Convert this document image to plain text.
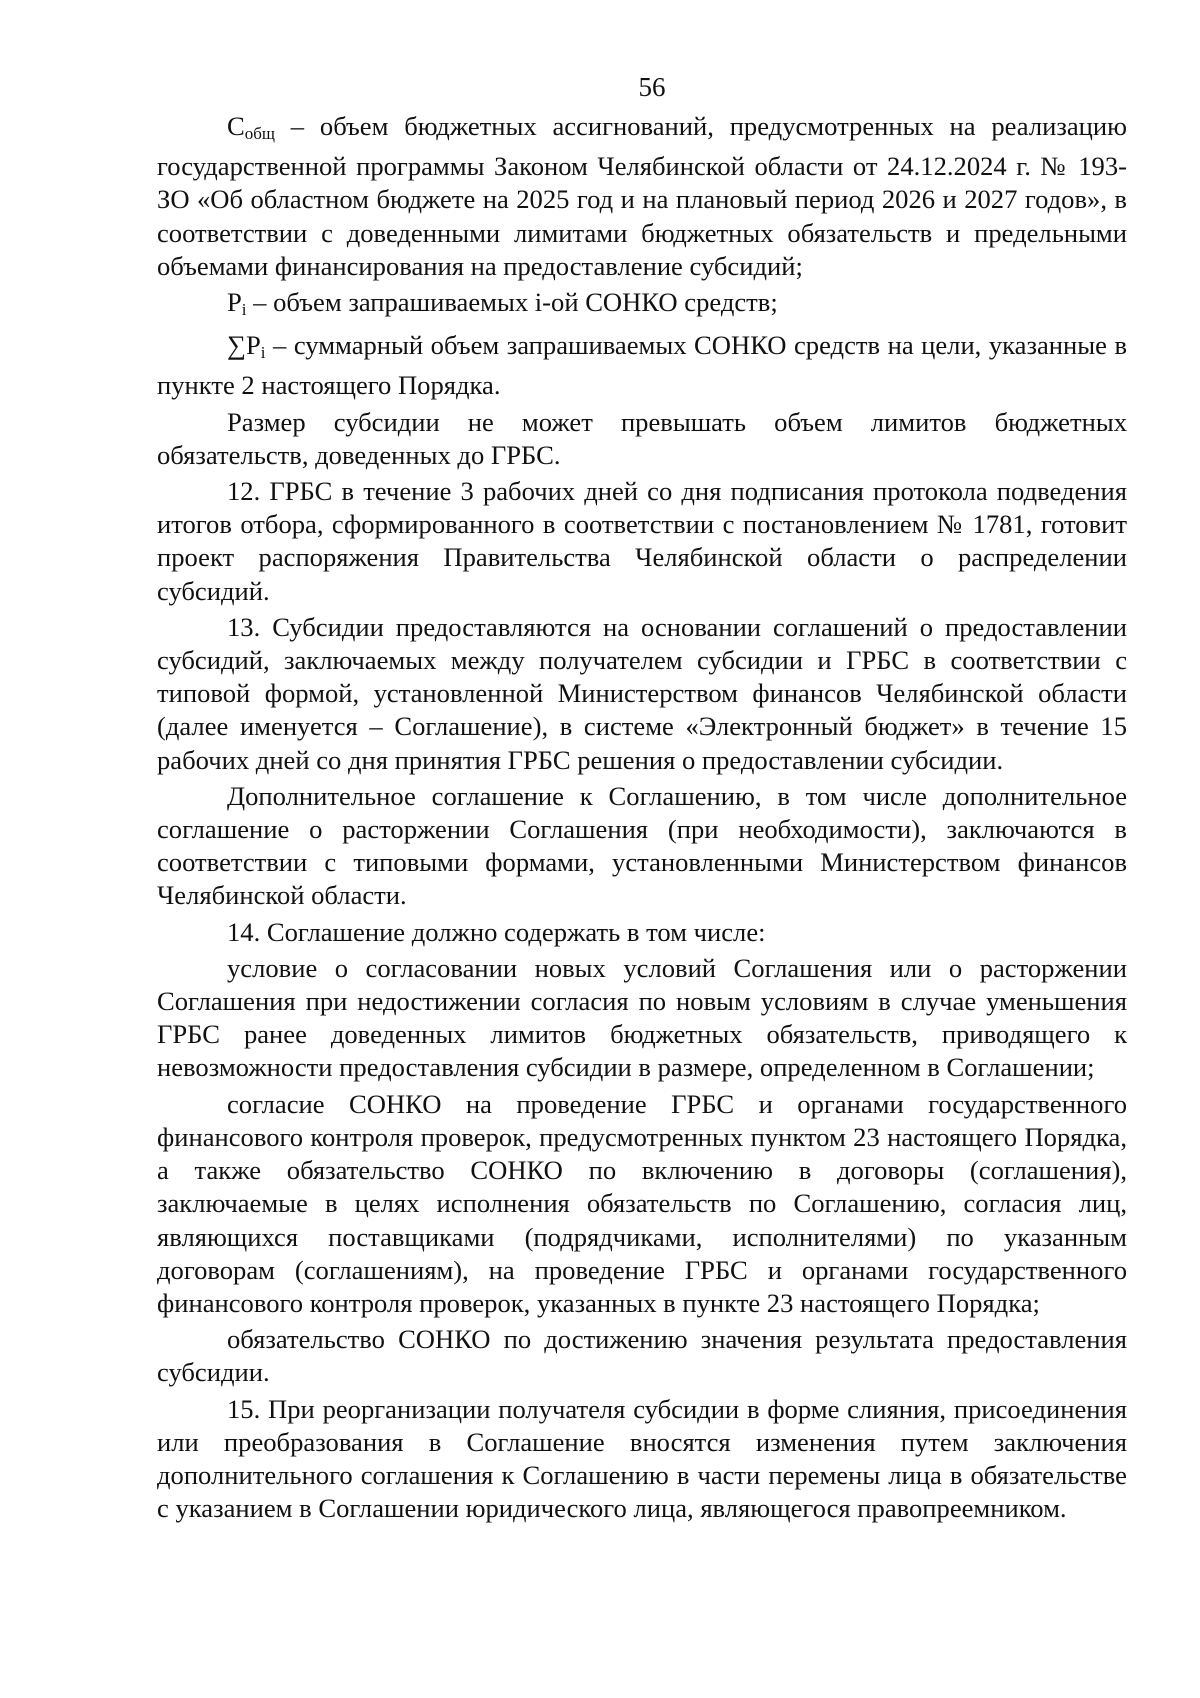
56

$С_{общ}$ – объем бюджетных ассигнований, предусмотренных на реализацию государственной программы Законом Челябинской области от 24.12.2024 г. № 193-ЗО «Об областном бюджете на 2025 год и на плановый период 2026 и 2027 годов», в соответствии с доведенными лимитами бюджетных обязательств и предельными объемами финансирования на предоставление субсидий;

$P_i$ – объем запрашиваемых i-ой СОНКО средств;

$\sum P_i$ – суммарный объем запрашиваемых СОНКО средств на цели, указанные в пункте 2 настоящего Порядка.

Размер субсидии не может превышать объем лимитов бюджетных обязательств, доведенных до ГРБС.

12. ГРБС в течение 3 рабочих дней со дня подписания протокола подведения итогов отбора, сформированного в соответствии с постановлением № 1781, готовит проект распоряжения Правительства Челябинской области о распределении субсидий.

13. Субсидии предоставляются на основании соглашений о предоставлении субсидий, заключаемых между получателем субсидии и ГРБС в соответствии с типовой формой, установленной Министерством финансов Челябинской области (далее именуется – Соглашение), в системе «Электронный бюджет» в течение 15 рабочих дней со дня принятия ГРБС решения о предоставлении субсидии.

Дополнительное соглашение к Соглашению, в том числе дополнительное соглашение о расторжении Соглашения (при необходимости), заключаются в соответствии с типовыми формами, установленными Министерством финансов Челябинской области.

14. Соглашение должно содержать в том числе:

условие о согласовании новых условий Соглашения или о расторжении Соглашения при недостижении согласия по новым условиям в случае уменьшения ГРБС ранее доведенных лимитов бюджетных обязательств, приводящего к невозможности предоставления субсидии в размере, определенном в Соглашении;

согласие СОНКО на проведение ГРБС и органами государственного финансового контроля проверок, предусмотренных пунктом 23 настоящего Порядка, а также обязательство СОНКО по включению в договоры (соглашения), заключаемые в целях исполнения обязательств по Соглашению, согласия лиц, являющихся поставщиками (подрядчиками, исполнителями) по указанным договорам (соглашениям), на проведение ГРБС и органами государственного финансового контроля проверок, указанных в пункте 23 настоящего Порядка;

обязательство СОНКО по достижению значения результата предоставления субсидии.

15. При реорганизации получателя субсидии в форме слияния, присоединения или преобразования в Соглашение вносятся изменения путем заключения дополнительного соглашения к Соглашению в части перемены лица в обязательстве с указанием в Соглашении юридического лица, являющегося правопреемником.
